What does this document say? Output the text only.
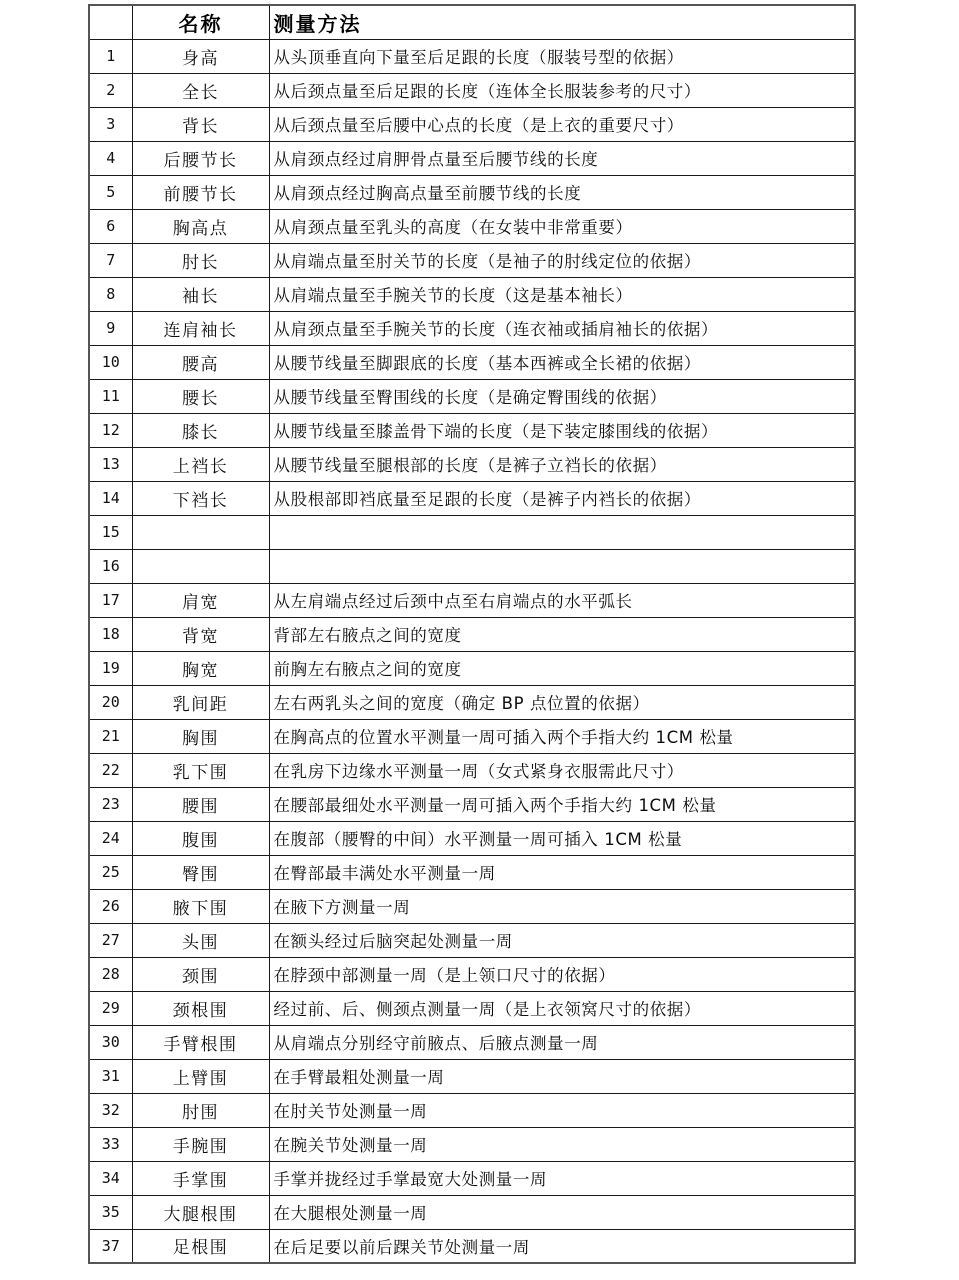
	名称	测量方法
1	身高	从头顶垂直向下量至后足跟的长度（服装号型的依据）
2	全长	从后颈点量至后足跟的长度（连体全长服装参考的尺寸）
3	背长	从后颈点量至后腰中心点的长度（是上衣的重要尺寸）
4	后腰节长	从肩颈点经过肩胛骨点量至后腰节线的长度
5	前腰节长	从肩颈点经过胸高点量至前腰节线的长度
6	胸高点	从肩颈点量至乳头的高度（在女装中非常重要）
7	肘长	从肩端点量至肘关节的长度（是袖子的肘线定位的依据）
8	袖长	从肩端点量至手腕关节的长度（这是基本袖长）
9	连肩袖长	从肩颈点量至手腕关节的长度（连衣袖或插肩袖长的依据）
10	腰高	从腰节线量至脚跟底的长度（基本西裤或全长裙的依据）
11	腰长	从腰节线量至臀围线的长度（是确定臀围线的依据）
12	膝长	从腰节线量至膝盖骨下端的长度（是下装定膝围线的依据）
13	上裆长	从腰节线量至腿根部的长度（是裤子立裆长的依据）
14	下裆长	从股根部即裆底量至足跟的长度（是裤子内裆长的依据）
15		
16		
17	肩宽	从左肩端点经过后颈中点至右肩端点的水平弧长
18	背宽	背部左右腋点之间的宽度
19	胸宽	前胸左右腋点之间的宽度
20	乳间距	左右两乳头之间的宽度（确定 BP 点位置的依据）
21	胸围	在胸高点的位置水平测量一周可插入两个手指大约 1CM 松量
22	乳下围	在乳房下边缘水平测量一周（女式紧身衣服需此尺寸）
23	腰围	在腰部最细处水平测量一周可插入两个手指大约 1CM 松量
24	腹围	在腹部（腰臀的中间）水平测量一周可插入 1CM 松量
25	臀围	在臀部最丰满处水平测量一周
26	腋下围	在腋下方测量一周
27	头围	在额头经过后脑突起处测量一周
28	颈围	在脖颈中部测量一周（是上领口尺寸的依据）
29	颈根围	经过前、后、侧颈点测量一周（是上衣领窝尺寸的依据）
30	手臂根围	从肩端点分别经守前腋点、后腋点测量一周
31	上臂围	在手臂最粗处测量一周
32	肘围	在肘关节处测量一周
33	手腕围	在腕关节处测量一周
34	手掌围	手掌并拢经过手掌最宽大处测量一周
35	大腿根围	在大腿根处测量一周
37	足根围	在后足要以前后踝关节处测量一周
